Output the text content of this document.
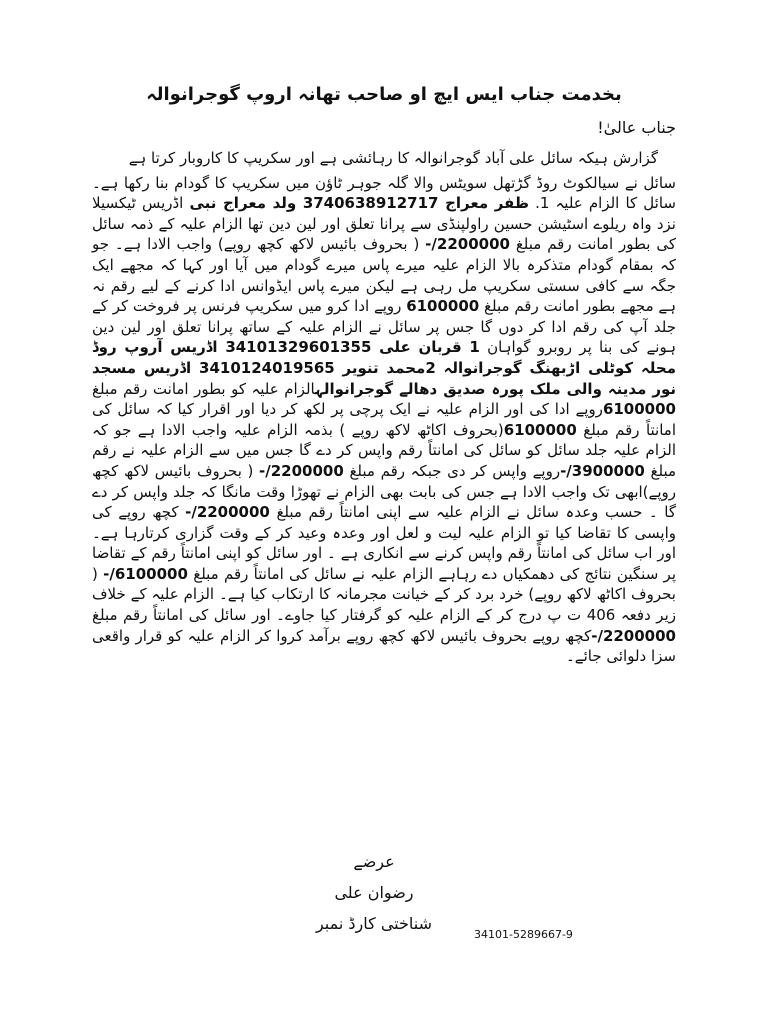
بخدمت جناب ایس ایچ او صاحب تھانہ اروپ گوجرانوالہ
جناب عالیٰ!

گزارش ہیکہ سائل علی آباد گوجرانوالہ کا رہائشی ہے اور سکریپ کا کاروبار کرتا ہے

سائل نے سیالکوٹ روڈ گڑتھل سویٹس والا گلہ جوہر ٹاؤن میں سکریپ کا گودام بنا رکھا ہے۔ سائل کا الزام علیہ 1. ظفر معراج 3740638912717 ولد معراج نبی اڈریس ٹیکسیلا نزد واہ ریلوے اسٹیشن حسین راولپنڈی سے پرانا تعلق اور لین دین تھا الزام علیہ کے ذمہ سائل کی بطور امانت رقم مبلغ 2200000/- ( بحروف بائیس لاکھ کچھ روپے) واجب الادا ہے۔ جو کہ بمقام گودام متذکرہ بالا الزام علیہ میرے پاس میرے گودام میں آیا اور کہا کہ مجھے ایک جگہ سے کافی سستی سکریپ مل رہی ہے لیکن میرے پاس ایڈوانس ادا کرنے کے لیے رقم نہ ہے مجھے بطور امانت رقم مبلغ 6100000 روپے ادا کرو میں سکریپ فرنس پر فروخت کر کے جلد آپ کی رقم ادا کر دوں گا جس پر سائل نے الزام علیہ کے ساتھ پرانا تعلق اور لین دین ہونے کی بنا پر روبرو گواہان 1 قربان علی 34101329601355 اڈریس آروپ روڈ محلہ کوٹلی اڑبھنگ گوجرانوالہ 2محمد تنویر 3410124019565 اڈریس مسجد نور مدینہ والی ملک پورہ صدیق دھالے گوجرانوالہالزام علیہ کو بطور امانت رقم مبلغ 6100000روپے ادا کی اور الزام علیہ نے ایک پرچی پر لکھ کر دیا اور اقرار کیا کہ سائل کی امانتاً رقم مبلغ 6100000(بحروف اکاٹھ لاکھ روپے ) بذمہ الزام علیہ واجب الادا ہے جو کہ الزام علیہ جلد سائل کو سائل کی امانتاً رقم واپس کر دے گا جس میں سے الزام علیہ نے رقم مبلغ 3900000/-روپے واپس کر دی جبکہ رقم مبلغ 2200000/- ( بحروف بائیس لاکھ کچھ روپے)ابھی تک واجب الادا ہے جس کی بابت بھی الزام نے تھوڑا وقت مانگا کہ جلد واپس کر دے گا ۔ حسب وعدہ سائل نے الزام علیہ سے اپنی امانتاً رقم مبلغ 2200000/- کچھ روپے کی واپسی کا تقاضا کیا تو الزام علیہ لیت و لعل اور وعدہ وعید کر کے وقت گزاری کرتارہا ہے۔ اور اب سائل کی امانتاً رقم واپس کرنے سے انکاری ہے ۔ اور سائل کو اپنی امانتاً رقم کے تقاضا پر سنگین نتائج کی دھمکیاں دے رہاہے الزام علیہ نے سائل کی امانتاً رقم مبلغ 6100000/- ( بحروف اکاٹھ لاکھ روپے) خرد برد کر کے خیانت مجرمانہ کا ارتکاب کیا ہے۔ الزام علیہ کے خلاف زیر دفعہ 406 ت پ درج کر کے الزام علیہ کو گرفتار کیا جاوے۔ اور سائل کی امانتاً رقم مبلغ 2200000/-کچھ روپے بحروف بائیس لاکھ کچھ روپے برآمد کروا کر الزام علیہ کو قرار واقعی سزا دلوائی جائے۔

عرضے
رضوان علی
شناختی کارڈ نمبر
34101-5289667-9
